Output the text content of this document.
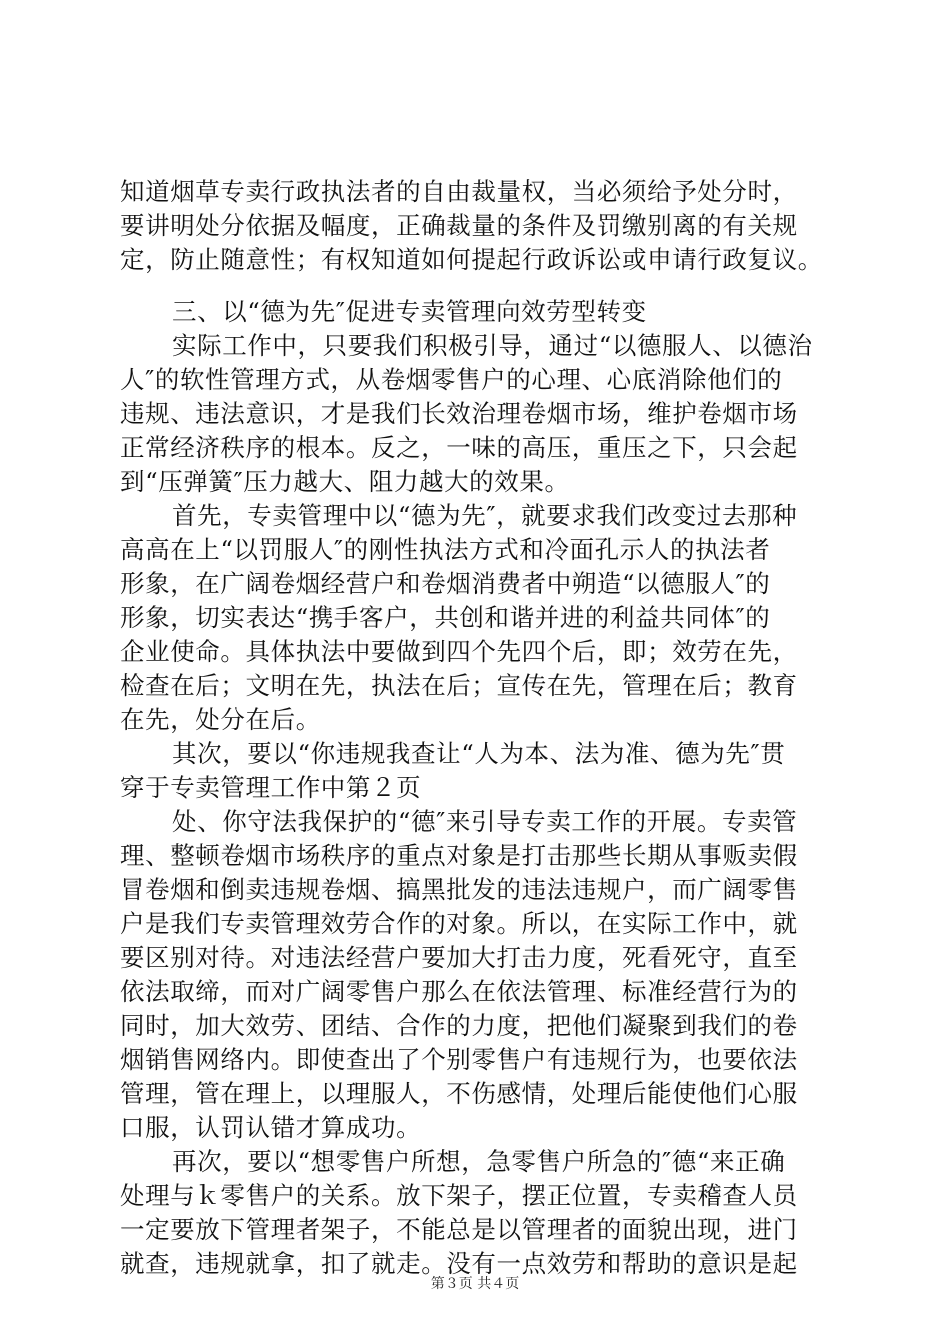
知道烟草专卖行政执法者的自由裁量权，当必须给予处分时，
要讲明处分依据及幅度，正确裁量的条件及罚缴别离的有关规
定，防止随意性；有权知道如何提起行政诉讼或申请行政复议。
三、以“德为先″促进专卖管理向效劳型转变
实际工作中，只要我们积极引导，通过“以德服人、以德治
人″的软性管理方式，从卷烟零售户的心理、心底消除他们的
违规、违法意识，才是我们长效治理卷烟市场，维护卷烟市场
正常经济秩序的根本。反之，一味的高压，重压之下，只会起
到“压弹簧″压力越大、阻力越大的效果。
首先，专卖管理中以“德为先″，就要求我们改变过去那种
高高在上“以罚服人″的刚性执法方式和冷面孔示人的执法者
形象，在广阔卷烟经营户和卷烟消费者中朔造“以德服人″的
形象，切实表达“携手客户，共创和谐并进的利益共同体″的
企业使命。具体执法中要做到四个先四个后，即；效劳在先，
检查在后；文明在先，执法在后；宣传在先，管理在后；教育
在先，处分在后。
其次，要以“你违规我查让“人为本、法为准、德为先″贯
穿于专卖管理工作中第２页
处、你守法我保护的“德″来引导专卖工作的开展。专卖管
理、整顿卷烟市场秩序的重点对象是打击那些长期从事贩卖假
冒卷烟和倒卖违规卷烟、搞黑批发的违法违规户，而广阔零售
户是我们专卖管理效劳合作的对象。所以，在实际工作中，就
要区别对待。对违法经营户要加大打击力度，死看死守，直至
依法取缔，而对广阔零售户那么在依法管理、标准经营行为的
同时，加大效劳、团结、合作的力度，把他们凝聚到我们的卷
烟销售网络内。即使查出了个别零售户有违规行为，也要依法
管理，管在理上，以理服人，不伤感情，处理后能使他们心服
口服，认罚认错才算成功。
再次，要以“想零售户所想，急零售户所急的″德“来正确
处理与ｋ零售户的关系。放下架子，摆正位置，专卖稽查人员
一定要放下管理者架子，不能总是以管理者的面貌出现，进门
就查，违规就拿，扣了就走。没有一点效劳和帮助的意识是起
第３页 共４页
